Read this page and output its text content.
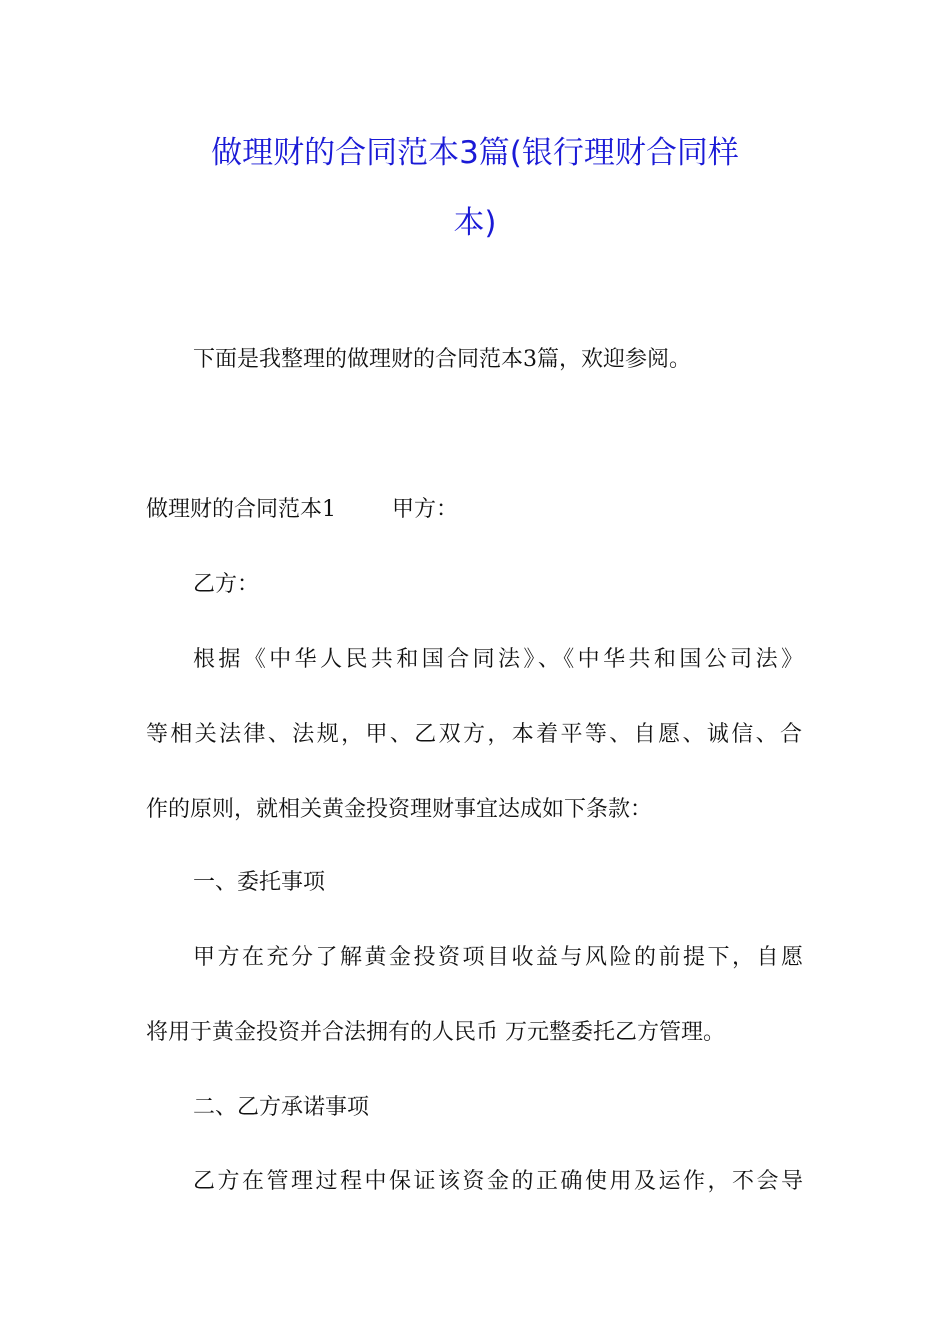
做理财的合同范本3篇(银行理财合同样
本)

下面是我整理的做理财的合同范本3篇，欢迎参阅。

做理财的合同范本1	甲方：

乙方：

根据《中华人民共和国合同法》、《中华共和国公司法》

等相关法律、法规，甲、乙双方，本着平等、自愿、诚信、合

作的原则，就相关黄金投资理财事宜达成如下条款：

一、委托事项

甲方在充分了解黄金投资项目收益与风险的前提下，自愿

将用于黄金投资并合法拥有的人民币 万元整委托乙方管理。

二、乙方承诺事项

乙方在管理过程中保证该资金的正确使用及运作，不会导
